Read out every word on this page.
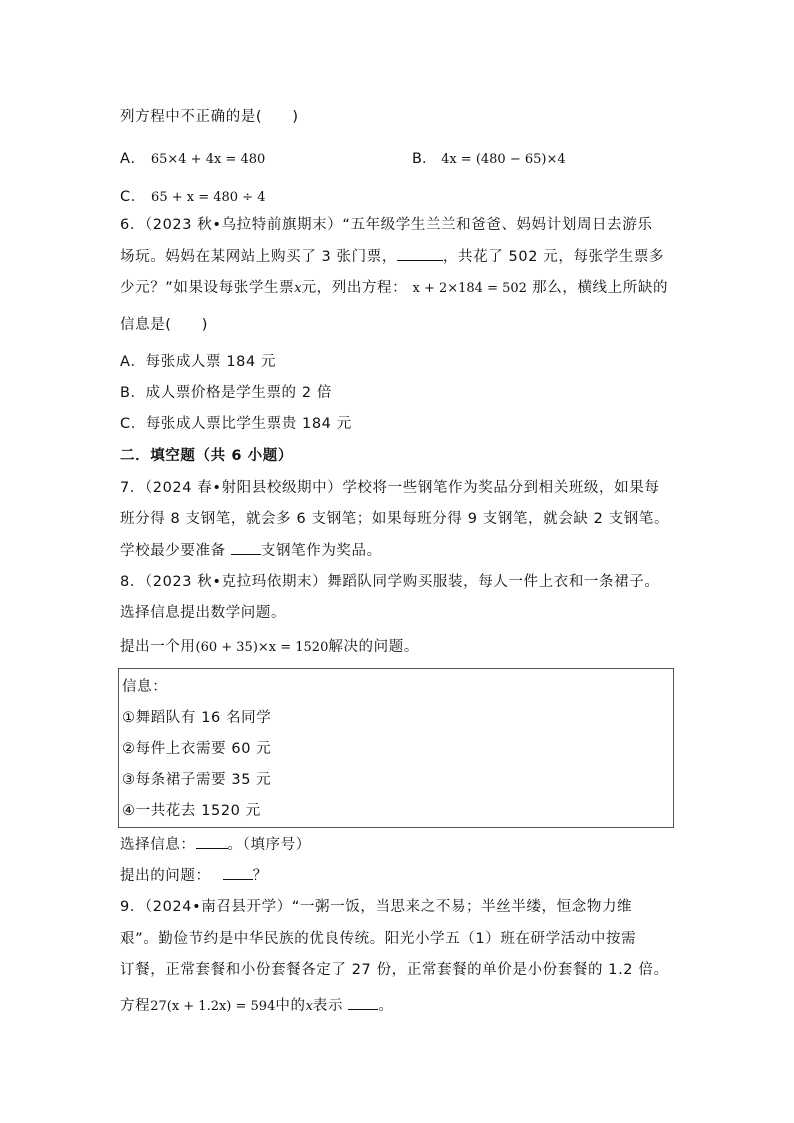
列方程中不正确的是(　　)
A． 65×4 + 4x = 480	B． 4x = (480 − 65)×4
C． 65 + x = 480 ÷ 4
6．（2023 秋•乌拉特前旗期末）“五年级学生兰兰和爸爸、妈妈计划周日去游乐
场玩。妈妈在某网站上购买了 3 张门票，	，共花了 502 元，每张学生票多
少元？”如果设每张学生票x元，列出方程： x + 2×184 = 502 那么，横线上所缺的
信息是(　　)
A．每张成人票 184 元
B．成人票价格是学生票的 2 倍
C．每张成人票比学生票贵 184 元
二．填空题（共 6 小题）
7．（2024 春•射阳县校级期中）学校将一些钢笔作为奖品分到相关班级，如果每
班分得 8 支钢笔，就会多 6 支钢笔；如果每班分得 9 支钢笔，就会缺 2 支钢笔。
学校最少要准备 支钢笔作为奖品。
8．（2023 秋•克拉玛依期末）舞蹈队同学购买服装，每人一件上衣和一条裙子。
选择信息提出数学问题。
提出一个用(60 + 35)×x = 1520解决的问题。
信息：
①舞蹈队有 16 名同学
②每件上衣需要 60 元
③每条裙子需要 35 元
④一共花去 1520 元
选择信息： 。（填序号）
提出的问题：	？
9．（2024•南召县开学）“一粥一饭，当思来之不易；半丝半缕，恒念物力维
艰”。勤俭节约是中华民族的优良传统。阳光小学五（1）班在研学活动中按需
订餐，正常套餐和小份套餐各定了 27 份，正常套餐的单价是小份套餐的 1.2 倍。
方程27(x + 1.2x) = 594中的x表示 。
